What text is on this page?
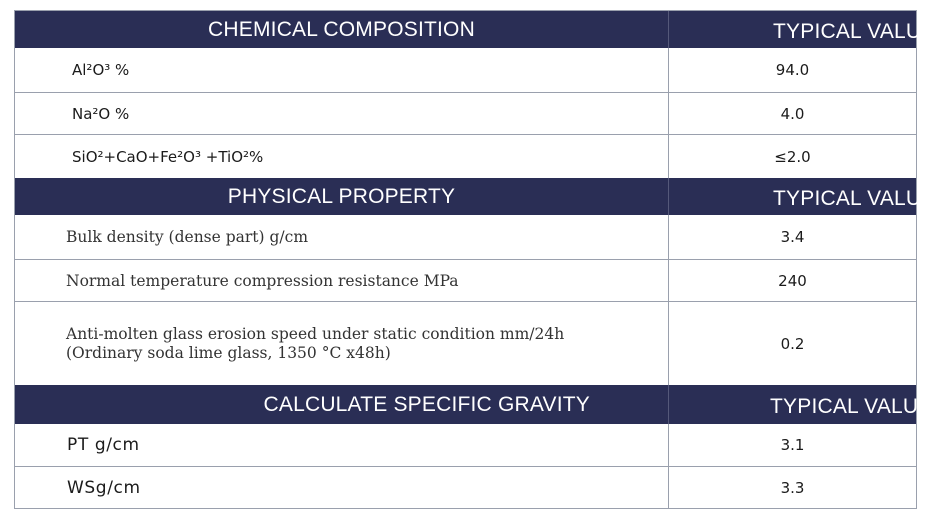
CHEMICAL COMPOSITION	TYPICAL VALUE
Al²O³ %	94.0
Na²O %	4.0
SiO²+CaO+Fe²O³ +TiO²%	≤2.0
PHYSICAL PROPERTY	TYPICAL VALUE
Bulk density (dense part) g/cm	3.4
Normal temperature compression resistance MPa	240
Anti-molten glass erosion speed under static condition mm/24h
(Ordinary soda lime glass, 1350 °C x48h)	0.2
CALCULATE SPECIFIC GRAVITY	TYPICAL VALUE
PT g/cm	3.1
WSg/cm	3.3
